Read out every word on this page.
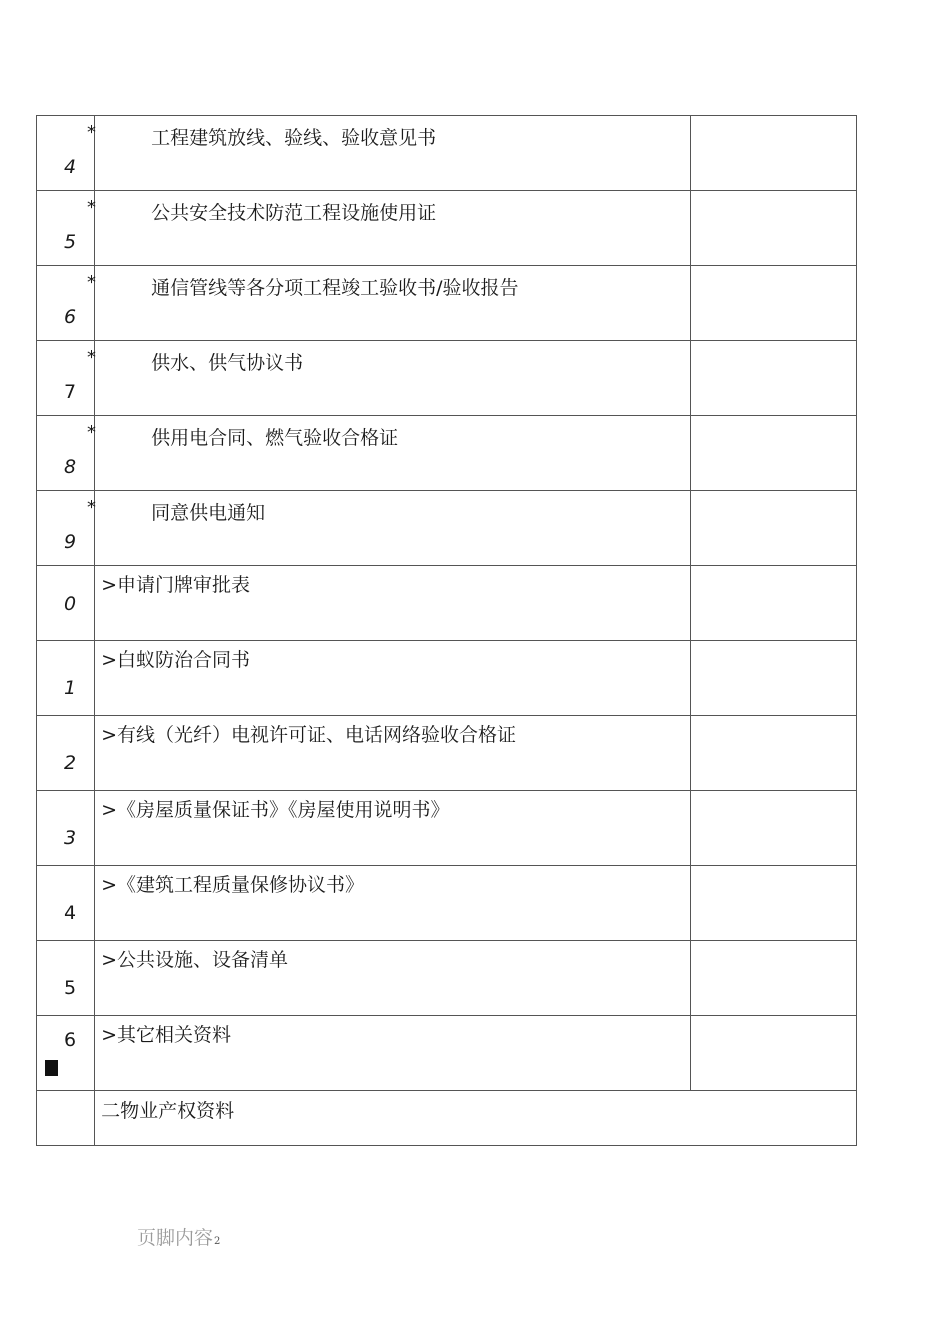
*
4	工程建筑放线、验线、验收意见书	

*
5	公共安全技术防范工程设施使用证	

*
6	通信管线等各分项工程竣工验收书/验收报告	

*
7	供水、供气协议书	

*
8	供用电合同、燃气验收合格证	

*
9	同意供电通知	

0	>申请门牌审批表	

1	>白蚁防治合同书	

2	>有线（光纤）电视许可证、电话网络验收合格证	

3	>《房屋质量保证书》《房屋使用说明书》	

4	>《建筑工程质量保修协议书》	

5	>公共设施、设备清单	

6	>其它相关资料	

	二物业产权资料	
页脚内容2
